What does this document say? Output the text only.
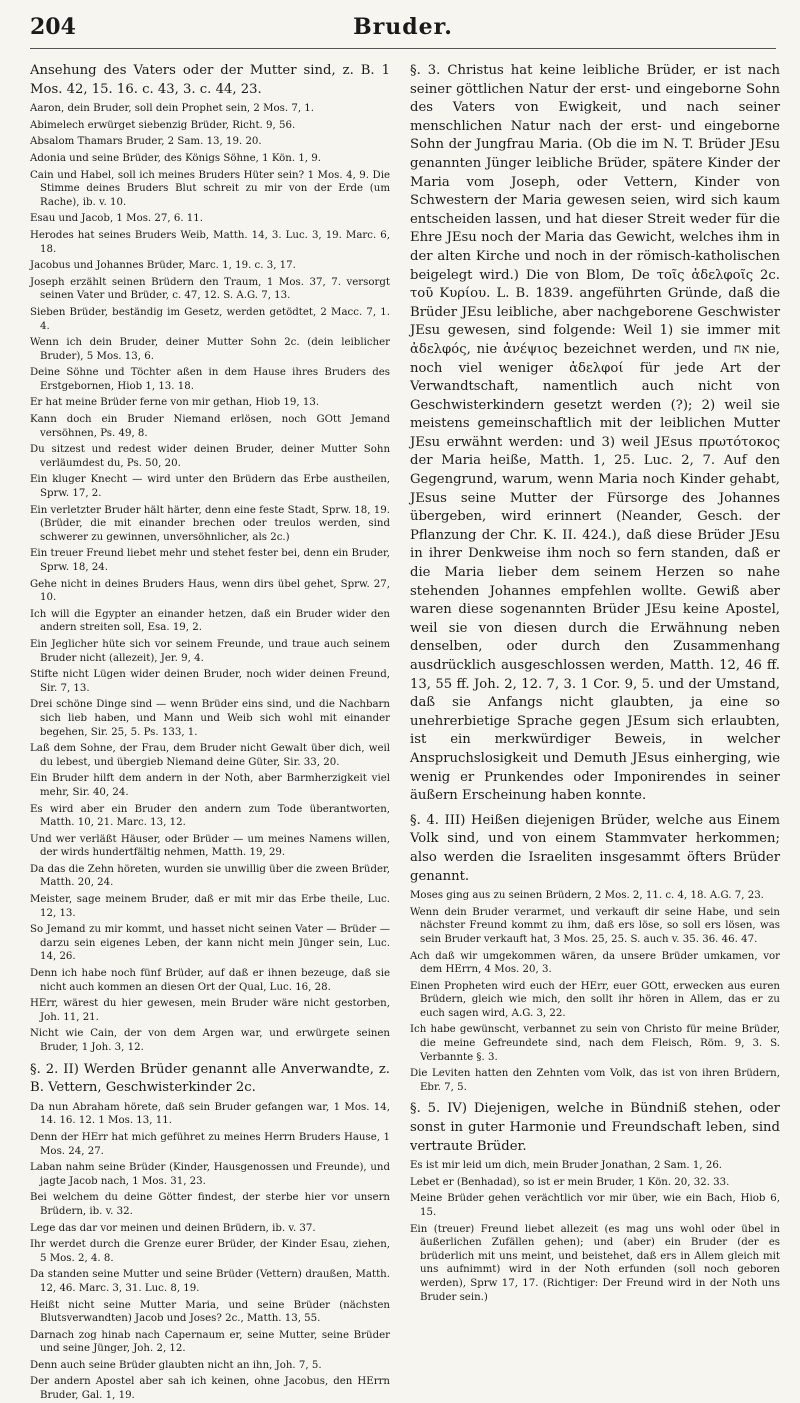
204	Bruder.

Ansehung des Vaters oder der Mutter sind, z. B. 1 Mos. 42, 15. 16. c. 43, 3. c. 44, 23.

Aaron, dein Bruder, soll dein Prophet sein, 2 Mos. 7, 1.

Abimelech erwürget siebenzig Brüder, Richt. 9, 56.

Absalom Thamars Bruder, 2 Sam. 13, 19. 20.

Adonia und seine Brüder, des Königs Söhne, 1 Kön. 1, 9.

Cain und Habel, soll ich meines Bruders Hüter sein? 1 Mos. 4, 9. Die Stimme deines Bruders Blut schreit zu mir von der Erde (um Rache), ib. v. 10.

Esau und Jacob, 1 Mos. 27, 6. 11.

Herodes hat seines Bruders Weib, Matth. 14, 3. Luc. 3, 19. Marc. 6, 18.

Jacobus und Johannes Brüder, Marc. 1, 19. c. 3, 17.

Joseph erzählt seinen Brüdern den Traum, 1 Mos. 37, 7. versorgt seinen Vater und Brüder, c. 47, 12. S. A.G. 7, 13.

Sieben Brüder, beständig im Gesetz, werden getödtet, 2 Macc. 7, 1. 4.

Wenn ich dein Bruder, deiner Mutter Sohn 2c. (dein leiblicher Bruder), 5 Mos. 13, 6.

Deine Söhne und Töchter aßen in dem Hause ihres Bruders des Erstgebornen, Hiob 1, 13. 18.

Er hat meine Brüder ferne von mir gethan, Hiob 19, 13.

Kann doch ein Bruder Niemand erlösen, noch GOtt Jemand versöhnen, Ps. 49, 8.

Du sitzest und redest wider deinen Bruder, deiner Mutter Sohn verläumdest du, Ps. 50, 20.

Ein kluger Knecht — wird unter den Brüdern das Erbe austheilen, Sprw. 17, 2.

Ein verletzter Bruder hält härter, denn eine feste Stadt, Sprw. 18, 19. (Brüder, die mit einander brechen oder treulos werden, sind schwerer zu gewinnen, unversöhnlicher, als 2c.)

Ein treuer Freund liebet mehr und stehet fester bei, denn ein Bruder, Sprw. 18, 24.

Gehe nicht in deines Bruders Haus, wenn dirs übel gehet, Sprw. 27, 10.

Ich will die Egypter an einander hetzen, daß ein Bruder wider den andern streiten soll, Esa. 19, 2.

Ein Jeglicher hüte sich vor seinem Freunde, und traue auch seinem Bruder nicht (allezeit), Jer. 9, 4.

Stifte nicht Lügen wider deinen Bruder, noch wider deinen Freund, Sir. 7, 13.

Drei schöne Dinge sind — wenn Brüder eins sind, und die Nachbarn sich lieb haben, und Mann und Weib sich wohl mit einander begehen, Sir. 25, 5. Ps. 133, 1.

Laß dem Sohne, der Frau, dem Bruder nicht Gewalt über dich, weil du lebest, und übergieb Niemand deine Güter, Sir. 33, 20.

Ein Bruder hilft dem andern in der Noth, aber Barmherzigkeit viel mehr, Sir. 40, 24.

Es wird aber ein Bruder den andern zum Tode überantworten, Matth. 10, 21. Marc. 13, 12.

Und wer verläßt Häuser, oder Brüder — um meines Namens willen, der wirds hundertfältig nehmen, Matth. 19, 29.

Da das die Zehn höreten, wurden sie unwillig über die zween Brüder, Matth. 20, 24.

Meister, sage meinem Bruder, daß er mit mir das Erbe theile, Luc. 12, 13.

So Jemand zu mir kommt, und hasset nicht seinen Vater — Brüder — darzu sein eigenes Leben, der kann nicht mein Jünger sein, Luc. 14, 26.

Denn ich habe noch fünf Brüder, auf daß er ihnen bezeuge, daß sie nicht auch kommen an diesen Ort der Qual, Luc. 16, 28.

HErr, wärest du hier gewesen, mein Bruder wäre nicht gestorben, Joh. 11, 21.

Nicht wie Cain, der von dem Argen war, und erwürgete seinen Bruder, 1 Joh. 3, 12.

§. 2. II) Werden Brüder genannt alle Anverwandte, z. B. Vettern, Geschwisterkinder 2c.

Da nun Abraham hörete, daß sein Bruder gefangen war, 1 Mos. 14, 14. 16. 12. 1 Mos. 13, 11.

Denn der HErr hat mich geführet zu meines Herrn Bruders Hause, 1 Mos. 24, 27.

Laban nahm seine Brüder (Kinder, Hausgenossen und Freunde), und jagte Jacob nach, 1 Mos. 31, 23.

Bei welchem du deine Götter findest, der sterbe hier vor unsern Brüdern, ib. v. 32.

Lege das dar vor meinen und deinen Brüdern, ib. v. 37.

Ihr werdet durch die Grenze eurer Brüder, der Kinder Esau, ziehen, 5 Mos. 2, 4. 8.

Da standen seine Mutter und seine Brüder (Vettern) draußen, Matth. 12, 46. Marc. 3, 31. Luc. 8, 19.

Heißt nicht seine Mutter Maria, und seine Brüder (nächsten Blutsverwandten) Jacob und Joses? 2c., Matth. 13, 55.

Darnach zog hinab nach Capernaum er, seine Mutter, seine Brüder und seine Jünger, Joh. 2, 12.

Denn auch seine Brüder glaubten nicht an ihn, Joh. 7, 5.

Der andern Apostel aber sah ich keinen, ohne Jacobus, den HErrn Bruder, Gal. 1, 19.

§. 3. Christus hat keine leibliche Brüder, er ist nach seiner göttlichen Natur der erst- und eingeborne Sohn des Vaters von Ewigkeit, und nach seiner menschlichen Natur nach der erst- und eingeborne Sohn der Jungfrau Maria. (Ob die im N. T. Brüder JEsu genannten Jünger leibliche Brüder, spätere Kinder der Maria vom Joseph, oder Vettern, Kinder von Schwestern der Maria gewesen seien, wird sich kaum entscheiden lassen, und hat dieser Streit weder für die Ehre JEsu noch der Maria das Gewicht, welches ihm in der alten Kirche und noch in der römisch-katholischen beigelegt wird.) Die von Blom, De τοῖς ἀδελφοῖς 2c. τοῦ Κυρίου. L. B. 1839. angeführten Gründe, daß die Brüder JEsu leibliche, aber nachgeborene Geschwister JEsu gewesen, sind folgende: Weil 1) sie immer mit ἀδελφός, nie ἀνέψιος bezeichnet werden, und אח nie, noch viel weniger ἀδελφοί für jede Art der Verwandtschaft, namentlich auch nicht von Geschwisterkindern gesetzt werden (?); 2) weil sie meistens gemeinschaftlich mit der leiblichen Mutter JEsu erwähnt werden: und 3) weil JEsus πρωτότοκος der Maria heiße, Matth. 1, 25. Luc. 2, 7. Auf den Gegengrund, warum, wenn Maria noch Kinder gehabt, JEsus seine Mutter der Fürsorge des Johannes übergeben, wird erinnert (Neander, Gesch. der Pflanzung der Chr. K. II. 424.), daß diese Brüder JEsu in ihrer Denkweise ihm noch so fern standen, daß er die Maria lieber dem seinem Herzen so nahe stehenden Johannes empfehlen wollte. Gewiß aber waren diese sogenannten Brüder JEsu keine Apostel, weil sie von diesen durch die Erwähnung neben denselben, oder durch den Zusammenhang ausdrücklich ausgeschlossen werden, Matth. 12, 46 ff. 13, 55 ff. Joh. 2, 12. 7, 3. 1 Cor. 9, 5. und der Umstand, daß sie Anfangs nicht glaubten, ja eine so unehrerbietige Sprache gegen JEsum sich erlaubten, ist ein merkwürdiger Beweis, in welcher Anspruchslosigkeit und Demuth JEsus einherging, wie wenig er Prunkendes oder Imponirendes in seiner äußern Erscheinung haben konnte.

§. 4. III) Heißen diejenigen Brüder, welche aus Einem Volk sind, und von einem Stammvater herkommen; also werden die Israeliten insgesammt öfters Brüder genannt.

Moses ging aus zu seinen Brüdern, 2 Mos. 2, 11. c. 4, 18. A.G. 7, 23.

Wenn dein Bruder verarmet, und verkauft dir seine Habe, und sein nächster Freund kommt zu ihm, daß ers löse, so soll ers lösen, was sein Bruder verkauft hat, 3 Mos. 25, 25. S. auch v. 35. 36. 46. 47.

Ach daß wir umgekommen wären, da unsere Brüder umkamen, vor dem HErrn, 4 Mos. 20, 3.

Einen Propheten wird euch der HErr, euer GOtt, erwecken aus euren Brüdern, gleich wie mich, den sollt ihr hören in Allem, das er zu euch sagen wird, A.G. 3, 22.

Ich habe gewünscht, verbannet zu sein von Christo für meine Brüder, die meine Gefreundete sind, nach dem Fleisch, Röm. 9, 3. S. Verbannte §. 3.

Die Leviten hatten den Zehnten vom Volk, das ist von ihren Brüdern, Ebr. 7, 5.

§. 5. IV) Diejenigen, welche in Bündniß stehen, oder sonst in guter Harmonie und Freundschaft leben, sind vertraute Brüder.

Es ist mir leid um dich, mein Bruder Jonathan, 2 Sam. 1, 26.

Lebet er (Benhadad), so ist er mein Bruder, 1 Kön. 20, 32. 33.

Meine Brüder gehen verächtlich vor mir über, wie ein Bach, Hiob 6, 15.

Ein (treuer) Freund liebet allezeit (es mag uns wohl oder übel in äußerlichen Zufällen gehen); und (aber) ein Bruder (der es brüderlich mit uns meint, und beistehet, daß ers in Allem gleich mit uns aufnimmt) wird in der Noth erfunden (soll noch geboren werden), Sprw 17, 17. (Richtiger: Der Freund wird in der Noth uns Bruder sein.)
